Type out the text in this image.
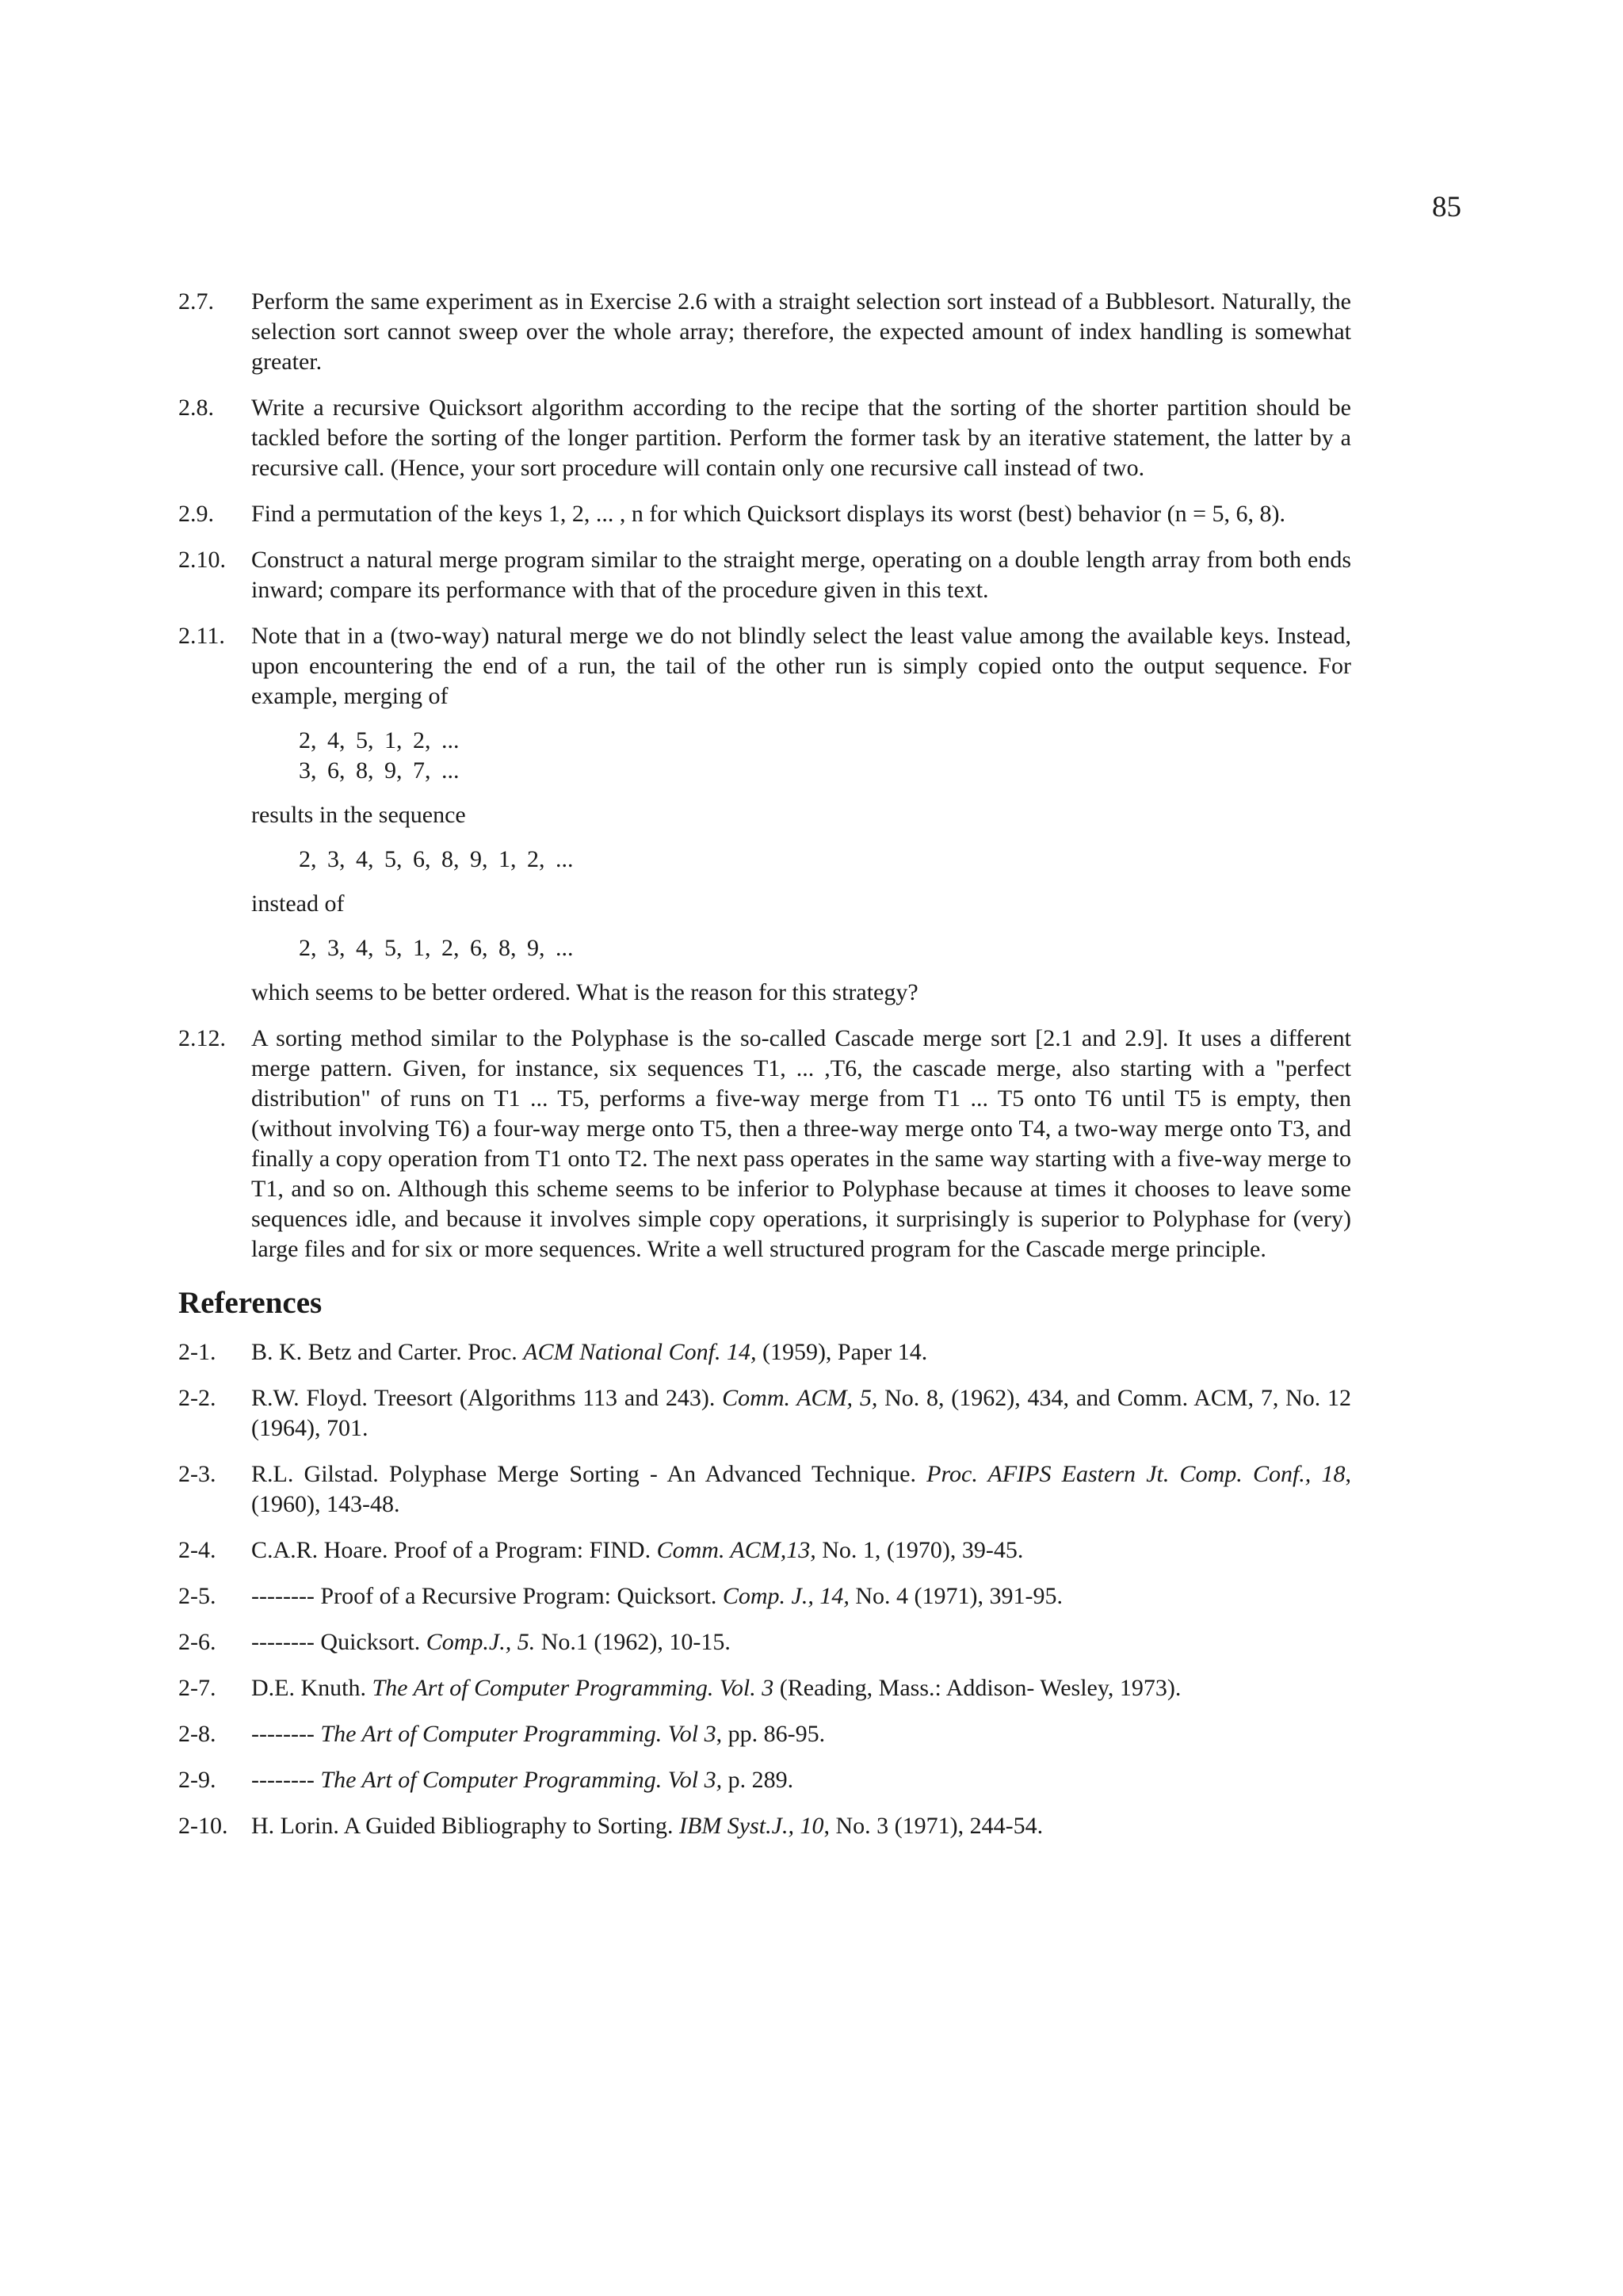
85
2.7.	Perform the same experiment as in Exercise 2.6 with a straight selection sort instead of a Bubblesort. Naturally, the selection sort cannot sweep over the whole array; therefore, the expected amount of index handling is somewhat greater.
2.8.	Write a recursive Quicksort algorithm according to the recipe that the sorting of the shorter partition should be tackled before the sorting of the longer partition. Perform the former task by an iterative statement, the latter by a recursive call. (Hence, your sort procedure will contain only one recursive call instead of two.
2.9.	Find a permutation of the keys 1, 2, ... , n for which Quicksort displays its worst (best) behavior (n = 5, 6, 8).
2.10.	Construct a natural merge program similar to the straight merge, operating on a double length array from both ends inward; compare its performance with that of the procedure given in this text.
2.11.	Note that in a (two-way) natural merge we do not blindly select the least value among the available keys. Instead, upon encountering the end of a run, the tail of the other run is simply copied onto the output sequence. For example, merging of

2, 4, 5, 1, 2, ...

3, 6, 8, 9, 7, ...

results in the sequence

2, 3, 4, 5, 6, 8, 9, 1, 2, ...

instead of

2, 3, 4, 5, 1, 2, 6, 8, 9, ...

which seems to be better ordered. What is the reason for this strategy?

2.12.	A sorting method similar to the Polyphase is the so-called Cascade merge sort [2.1 and 2.9]. It uses a different merge pattern. Given, for instance, six sequences T1, ... ,T6, the cascade merge, also starting with a "perfect distribution" of runs on T1 ... T5, performs a five-way merge from T1 ... T5 onto T6 until T5 is empty, then (without involving T6) a four-way merge onto T5, then a three-way merge onto T4, a two-way merge onto T3, and finally a copy operation from T1 onto T2. The next pass operates in the same way starting with a five-way merge to T1, and so on. Although this scheme seems to be inferior to Polyphase because at times it chooses to leave some sequences idle, and because it involves simple copy operations, it surprisingly is superior to Polyphase for (very) large files and for six or more sequences. Write a well structured program for the Cascade merge principle.
References
2-1.	B. K. Betz and Carter. Proc. ACM National Conf. 14, (1959), Paper 14.
2-2.	R.W. Floyd. Treesort (Algorithms 113 and 243). Comm. ACM, 5, No. 8, (1962), 434, and Comm. ACM, 7, No. 12 (1964), 701.
2-3.	R.L. Gilstad. Polyphase Merge Sorting - An Advanced Technique. Proc. AFIPS Eastern Jt. Comp. Conf., 18, (1960), 143-48.
2-4.	C.A.R. Hoare. Proof of a Program: FIND. Comm. ACM,13, No. 1, (1970), 39-45.
2-5.	-------- Proof of a Recursive Program: Quicksort. Comp. J., 14, No. 4 (1971), 391-95.
2-6.	-------- Quicksort. Comp.J., 5. No.1 (1962), 10-15.
2-7.	D.E. Knuth. The Art of Computer Programming. Vol. 3 (Reading, Mass.: Addison- Wesley, 1973).
2-8.	-------- The Art of Computer Programming. Vol 3, pp. 86-95.
2-9.	-------- The Art of Computer Programming. Vol 3, p. 289.
2-10. H. Lorin. A Guided Bibliography to Sorting. IBM Syst.J., 10, No. 3 (1971), 244-54.
